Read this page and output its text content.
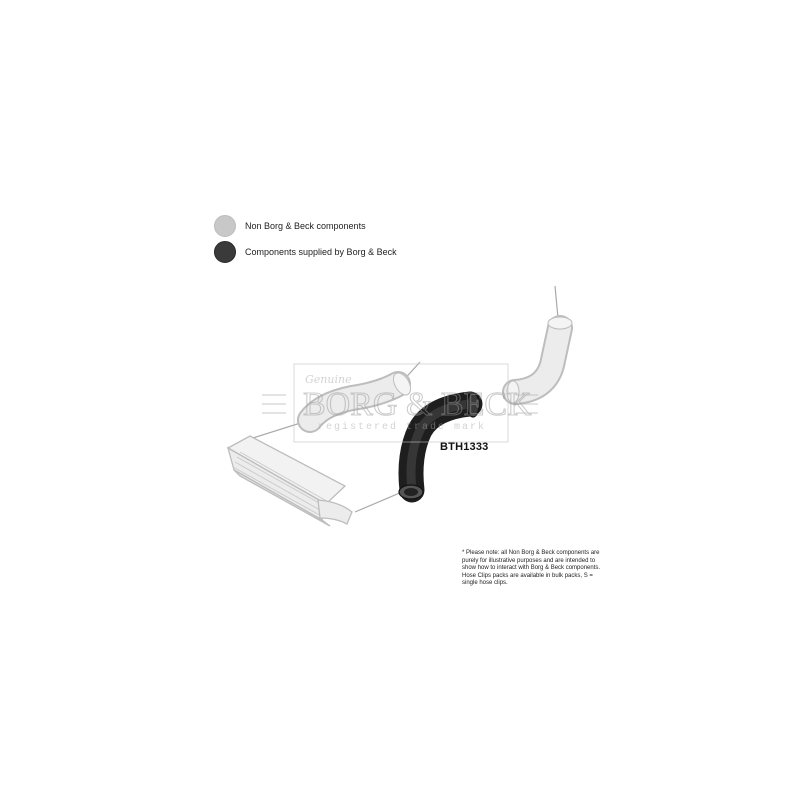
Genuine
BORG & BECK
registered trade mark
Non Borg & Beck components
Components supplied by Borg & Beck
BTH1333
* Please note: all Non Borg & Beck components are purely for illustrative purposes and are intended to show how to interact with Borg & Beck components. Hose Clips packs are available in bulk packs, S = single hose clips.
